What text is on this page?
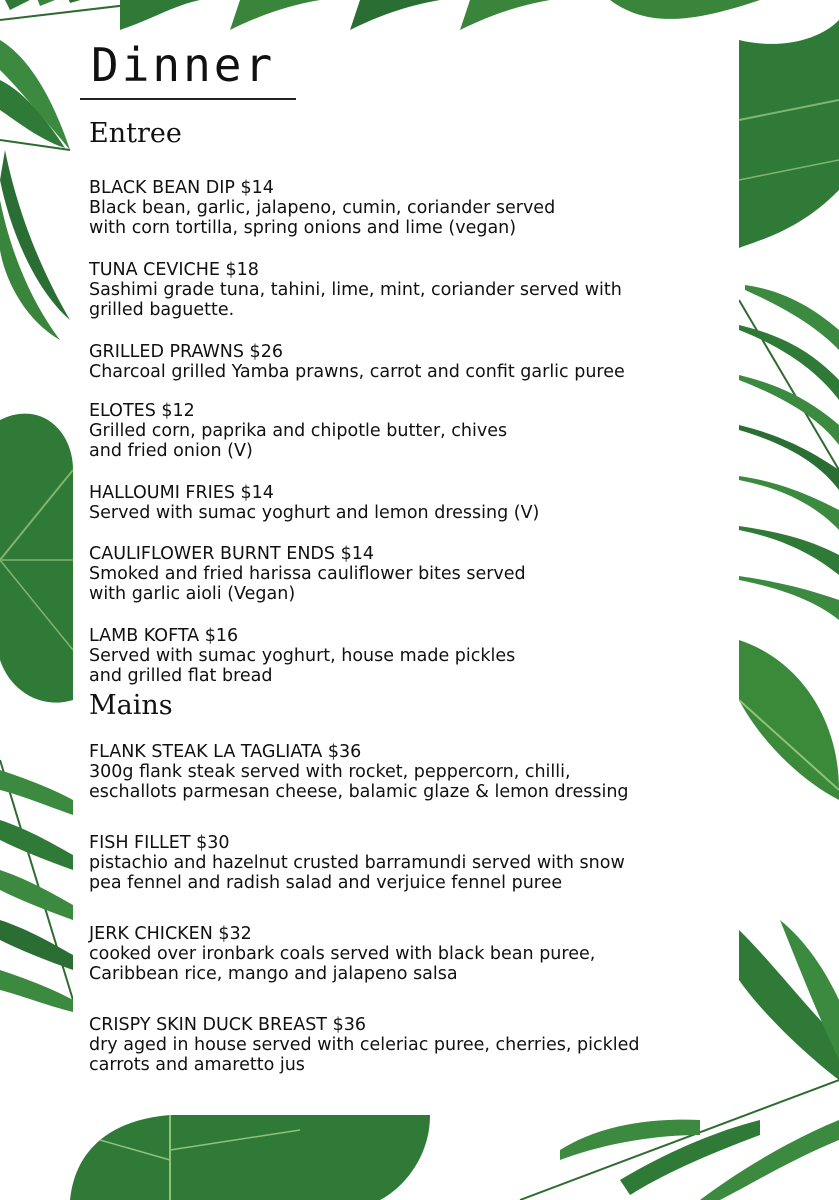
Dinner
Entree
BLACK BEAN DIP $14
Black bean, garlic, jalapeno, cumin, coriander served
with corn tortilla, spring onions and lime (vegan)
TUNA CEVICHE $18
Sashimi grade tuna, tahini, lime, mint, coriander served with
grilled baguette.
GRILLED PRAWNS $26
Charcoal grilled Yamba prawns, carrot and confit garlic puree
ELOTES $12
Grilled corn, paprika and chipotle butter, chives
and fried onion (V)
HALLOUMI FRIES $14
Served with sumac yoghurt and lemon dressing (V)
CAULIFLOWER BURNT ENDS $14
Smoked and fried harissa cauliflower bites served
with garlic aioli (Vegan)
LAMB KOFTA $16
Served with sumac yoghurt, house made pickles
and grilled flat bread
Mains
FLANK STEAK LA TAGLIATA $36
300g flank steak served with rocket, peppercorn, chilli,
eschallots parmesan cheese, balamic glaze & lemon dressing
FISH FILLET $30
pistachio and hazelnut crusted barramundi served with snow
pea fennel and radish salad and verjuice fennel puree
JERK CHICKEN $32
cooked over ironbark coals served with black bean puree,
Caribbean rice, mango and jalapeno salsa
CRISPY SKIN DUCK BREAST $36
dry aged in house served with celeriac puree, cherries, pickled
carrots and amaretto jus
